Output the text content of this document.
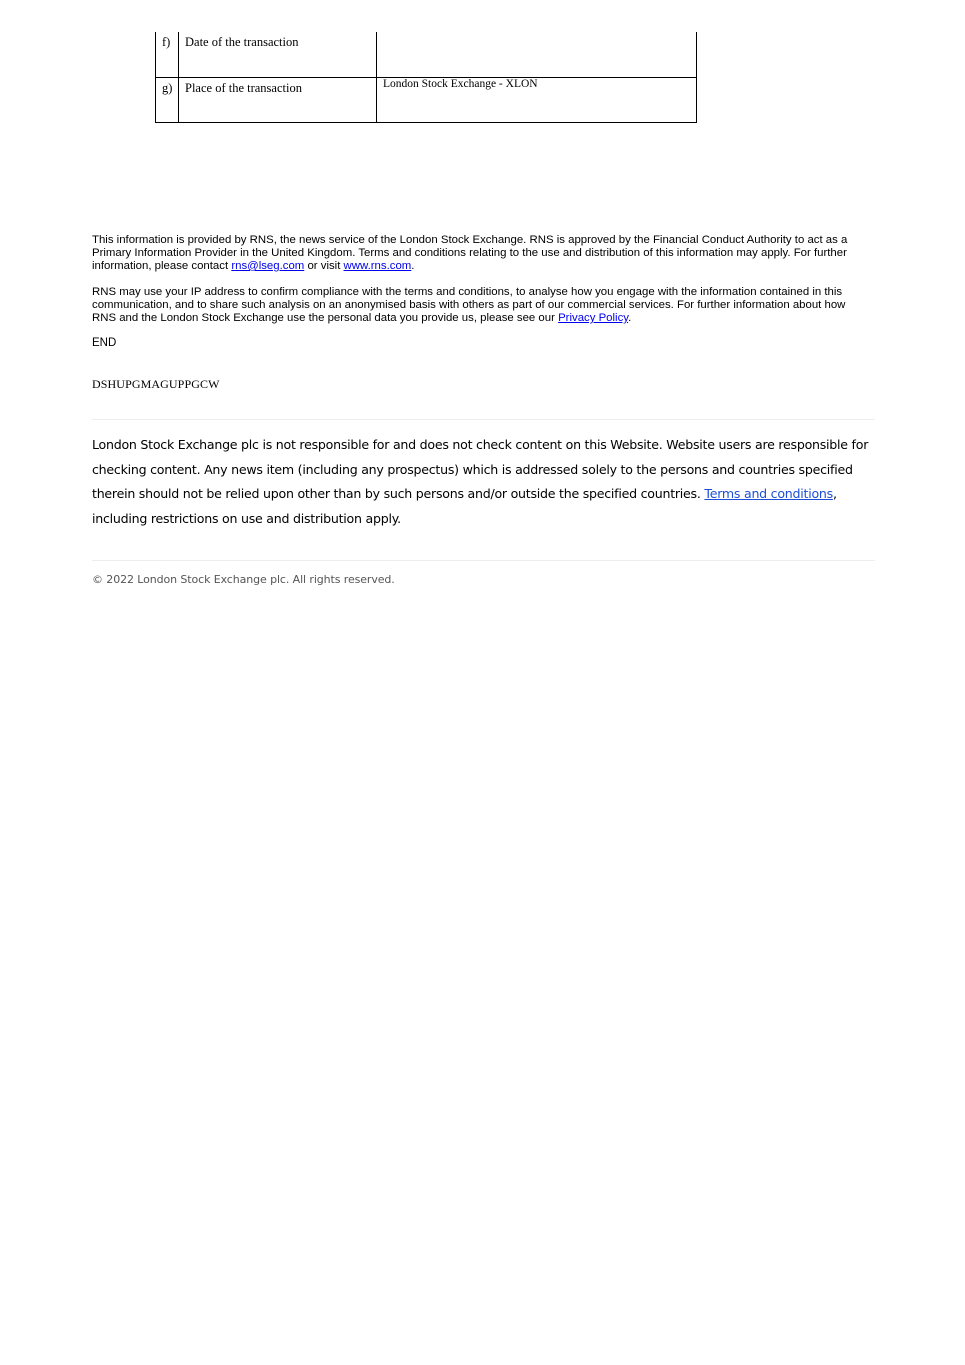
f)	Date of the transaction	
g)	Place of the transaction	London Stock Exchange - XLON

This information is provided by RNS, the news service of the London Stock Exchange. RNS is approved by the Financial Conduct Authority to act as a Primary Information Provider in the United Kingdom. Terms and conditions relating to the use and distribution of this information may apply. For further information, please contact rns@lseg.com or visit www.rns.com.

RNS may use your IP address to confirm compliance with the terms and conditions, to analyse how you engage with the information contained in this communication, and to share such analysis on an anonymised basis with others as part of our commercial services. For further information about how RNS and the London Stock Exchange use the personal data you provide us, please see our Privacy Policy.

END
DSHUPGMAGUPPGCW

London Stock Exchange plc is not responsible for and does not check content on this Website. Website users are responsible for checking content. Any news item (including any prospectus) which is addressed solely to the persons and countries specified therein should not be relied upon other than by such persons and/or outside the specified countries. Terms and conditions, including restrictions on use and distribution apply.

© 2022 London Stock Exchange plc. All rights reserved.
